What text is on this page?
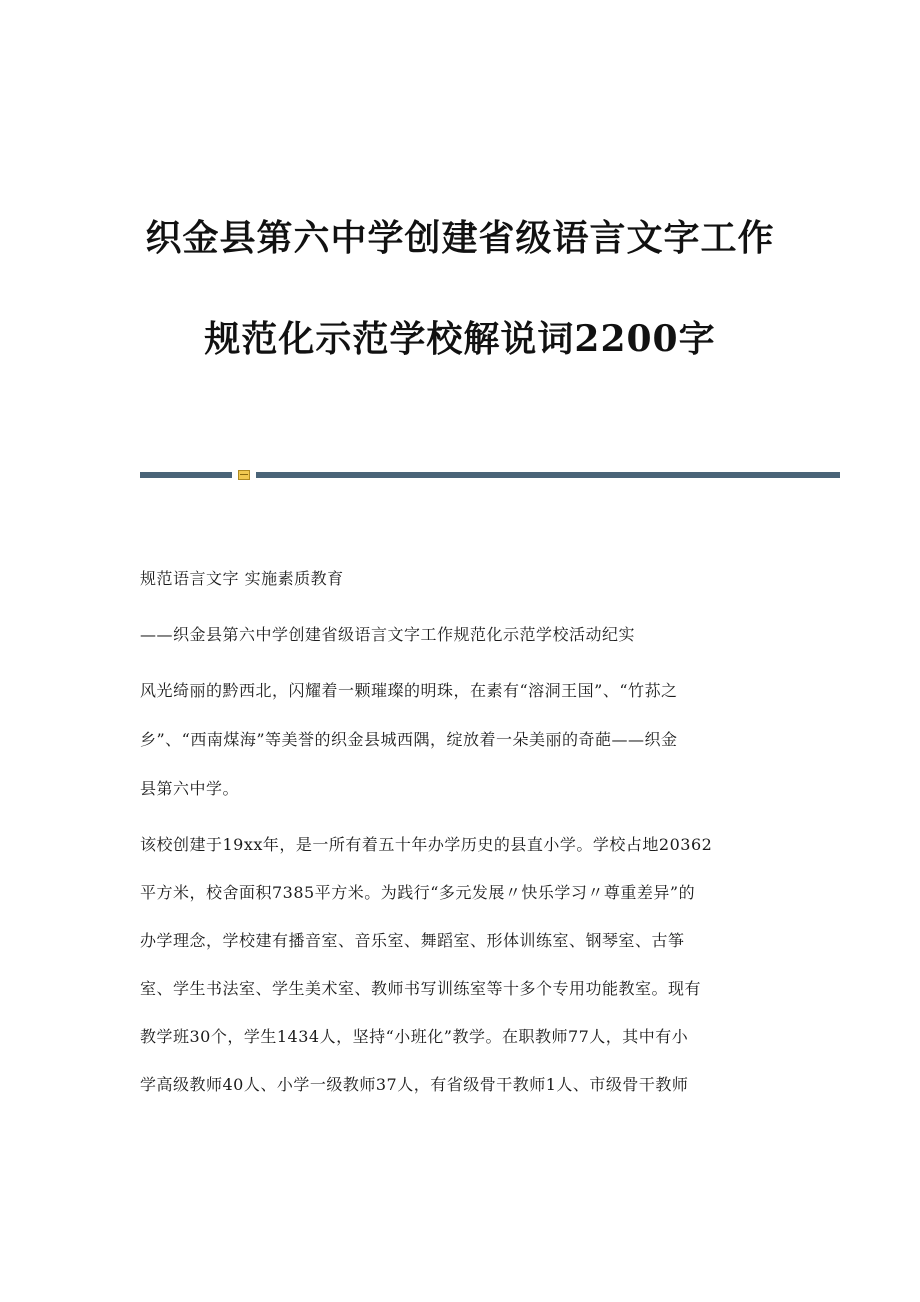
织金县第六中学创建省级语言文字工作
规范化示范学校解说词2200字
规范语言文字 实施素质教育
——织金县第六中学创建省级语言文字工作规范化示范学校活动纪实
风光绮丽的黔西北，闪耀着一颗璀璨的明珠，在素有“溶洞王国”、“竹荪之
乡”、“西南煤海”等美誉的织金县城西隅，绽放着一朵美丽的奇葩——织金
县第六中学。
该校创建于19xx年，是一所有着五十年办学历史的县直小学。学校占地20362
平方米，校舍面积7385平方米。为践行“多元发展〃快乐学习〃尊重差异”的
办学理念，学校建有播音室、音乐室、舞蹈室、形体训练室、钢琴室、古筝
室、学生书法室、学生美术室、教师书写训练室等十多个专用功能教室。现有
教学班30个，学生1434人，坚持“小班化”教学。在职教师77人，其中有小
学高级教师40人、小学一级教师37人，有省级骨干教师1人、市级骨干教师
